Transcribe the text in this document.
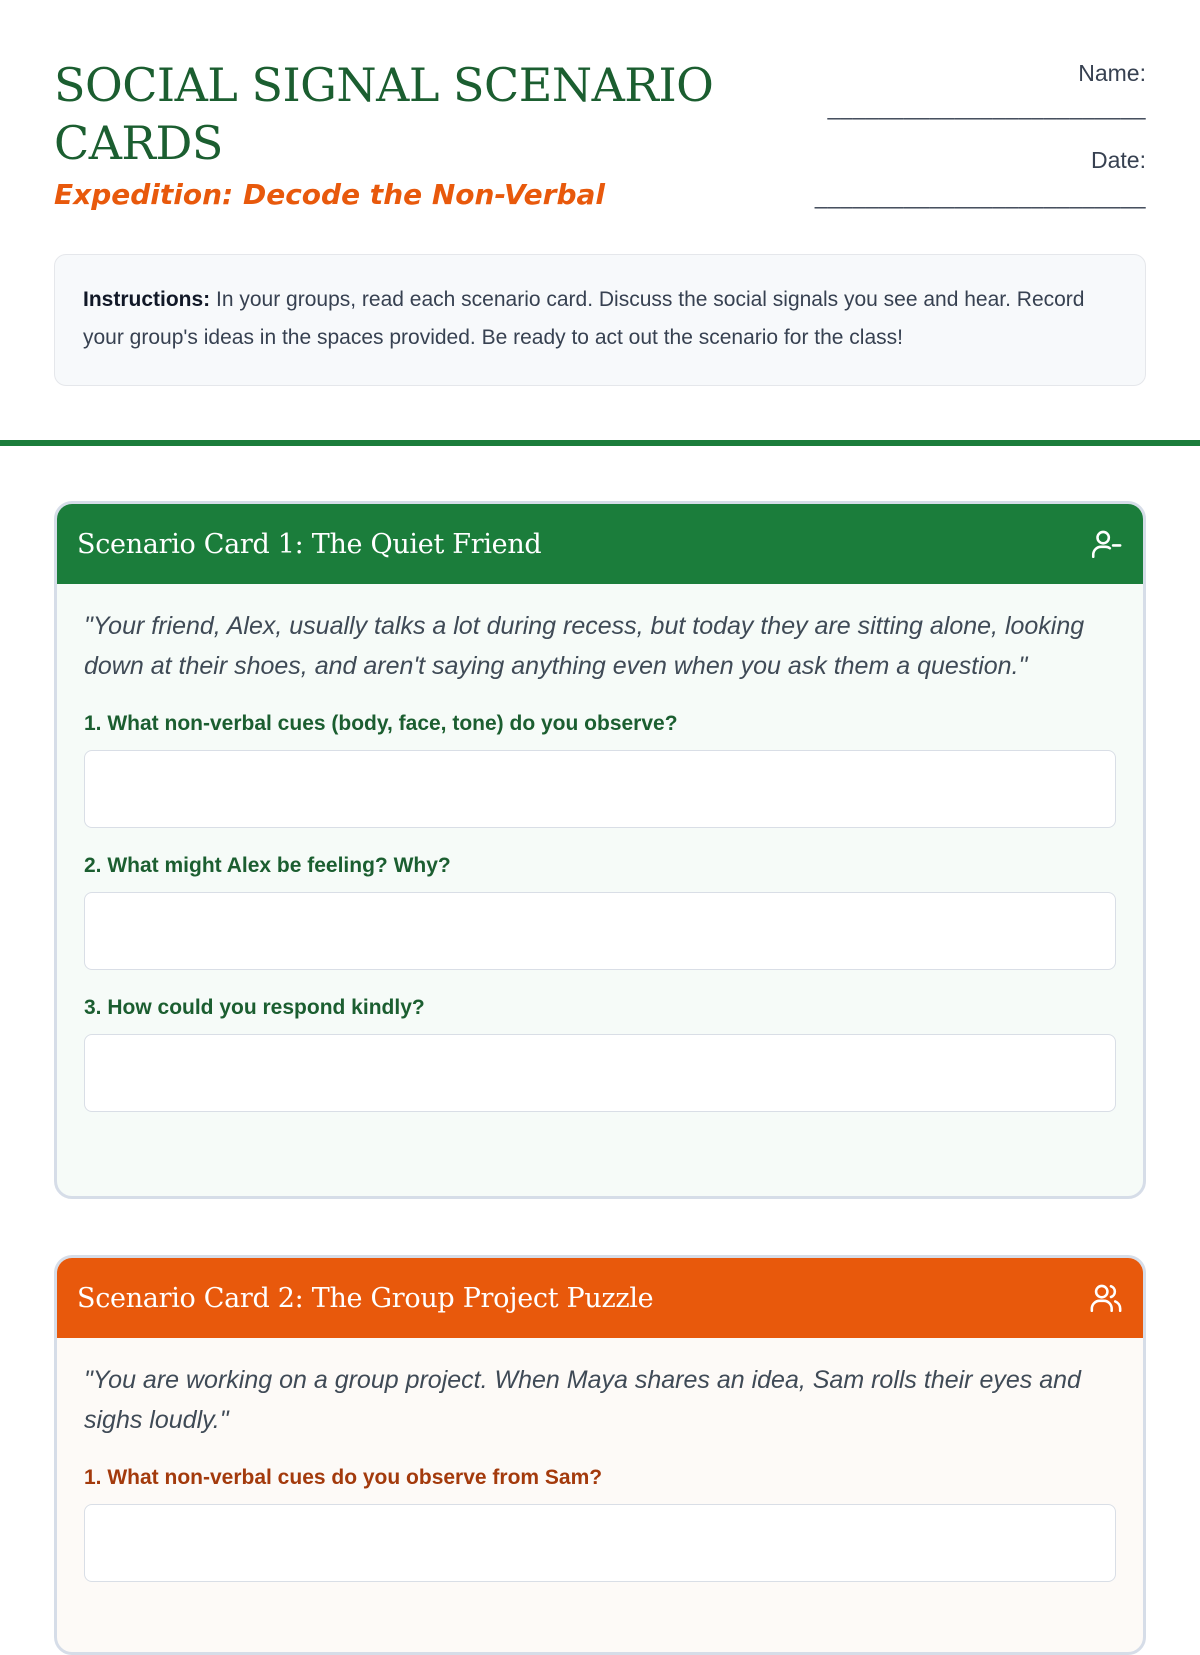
SOCIAL SIGNAL SCENARIO CARDS
Expedition: Decode the Non-Verbal
Name:
_________________________
Date:
__________________________
Instructions: In your groups, read each scenario card. Discuss the social signals you see and hear. Record your group's ideas in the spaces provided. Be ready to act out the scenario for the class!
Scenario Card 1: The Quiet Friend

"Your friend, Alex, usually talks a lot during recess, but today they are sitting alone, looking down at their shoes, and aren't saying anything even when you ask them a question."

1. What non-verbal cues (body, face, tone) do you observe?
2. What might Alex be feeling? Why?
3. How could you respond kindly?
Scenario Card 2: The Group Project Puzzle

"You are working on a group project. When Maya shares an idea, Sam rolls their eyes and sighs loudly."

1. What non-verbal cues do you observe from Sam?
